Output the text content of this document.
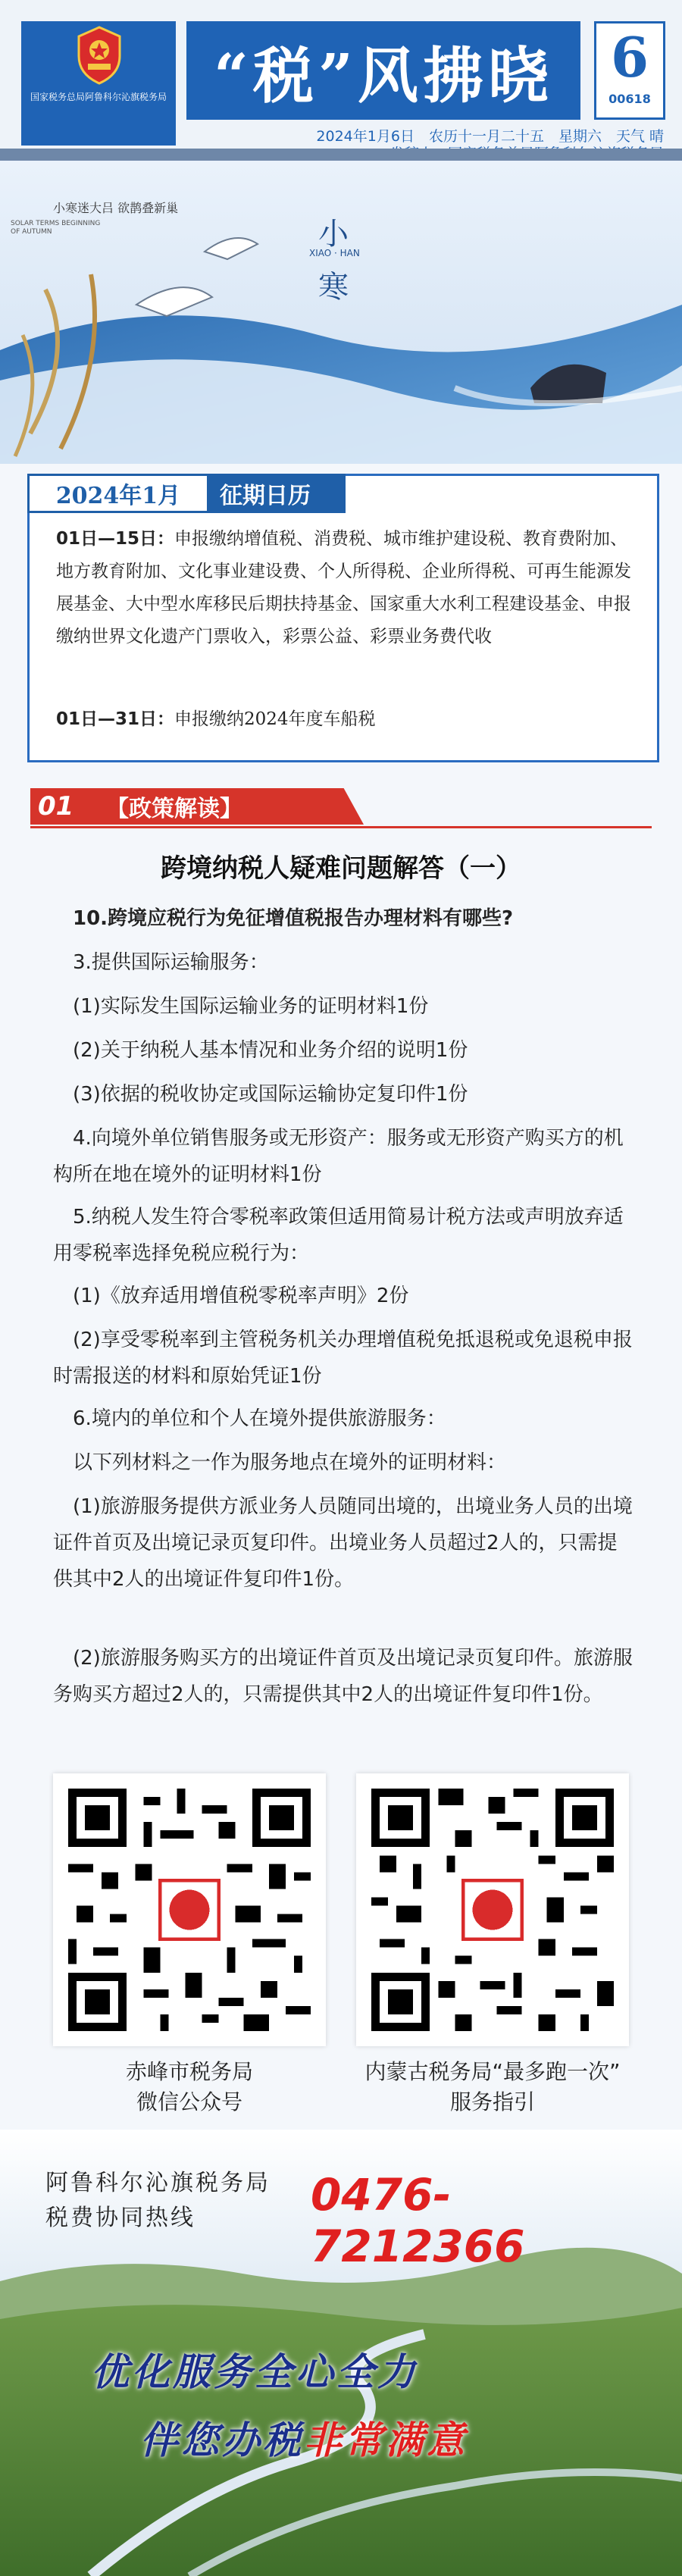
国家税务总局阿鲁科尔沁旗税务局 “税”风拂晓 6
00618
2024年1月6日　农历十一月二十五　星期六　天气 晴
小寒迷大吕 欲鹊叠新巢
SOLAR TERMS BEGINNING OF AUTUMN	小
XIAO · HAN
寒
2024年1月	征期日历
01日—15日：申报缴纳增值税、消费税、城市维护建设税、教育费附加、地方教育附加、文化事业建设费、个人所得税、企业所得税、可再生能源发展基金、大中型水库移民后期扶持基金、国家重大水利工程建设基金、申报缴纳世界文化遗产门票收入，彩票公益、彩票业务费代收
01日—31日：申报缴纳2024年度车船税
01	【政策解读】
跨境纳税人疑难问题解答（一）
10.跨境应税行为免征增值税报告办理材料有哪些?
3.提供国际运输服务：
(1)实际发生国际运输业务的证明材料1份
(2)关于纳税人基本情况和业务介绍的说明1份
(3)依据的税收协定或国际运输协定复印件1份
4.向境外单位销售服务或无形资产：服务或无形资产购买方的机构所在地在境外的证明材料1份
5.纳税人发生符合零税率政策但适用简易计税方法或声明放弃适用零税率选择免税应税行为：
(1)《放弃适用增值税零税率声明》2份
(2)享受零税率到主管税务机关办理增值税免抵退税或免退税申报时需报送的材料和原始凭证1份
6.境内的单位和个人在境外提供旅游服务：
以下列材料之一作为服务地点在境外的证明材料：
(1)旅游服务提供方派业务人员随同出境的，出境业务人员的出境证件首页及出境记录页复印件。出境业务人员超过2人的，只需提供其中2人的出境证件复印件1份。
(2)旅游服务购买方的出境证件首页及出境记录页复印件。旅游服务购买方超过2人的，只需提供其中2人的出境证件复印件1份。
赤峰市税务局
微信公众号
内蒙古税务局“最多跑一次”
服务指引
阿鲁科尔沁旗税务局
税费协同热线	0476-7212366
优化服务全心全力
伴您办税非常满意
